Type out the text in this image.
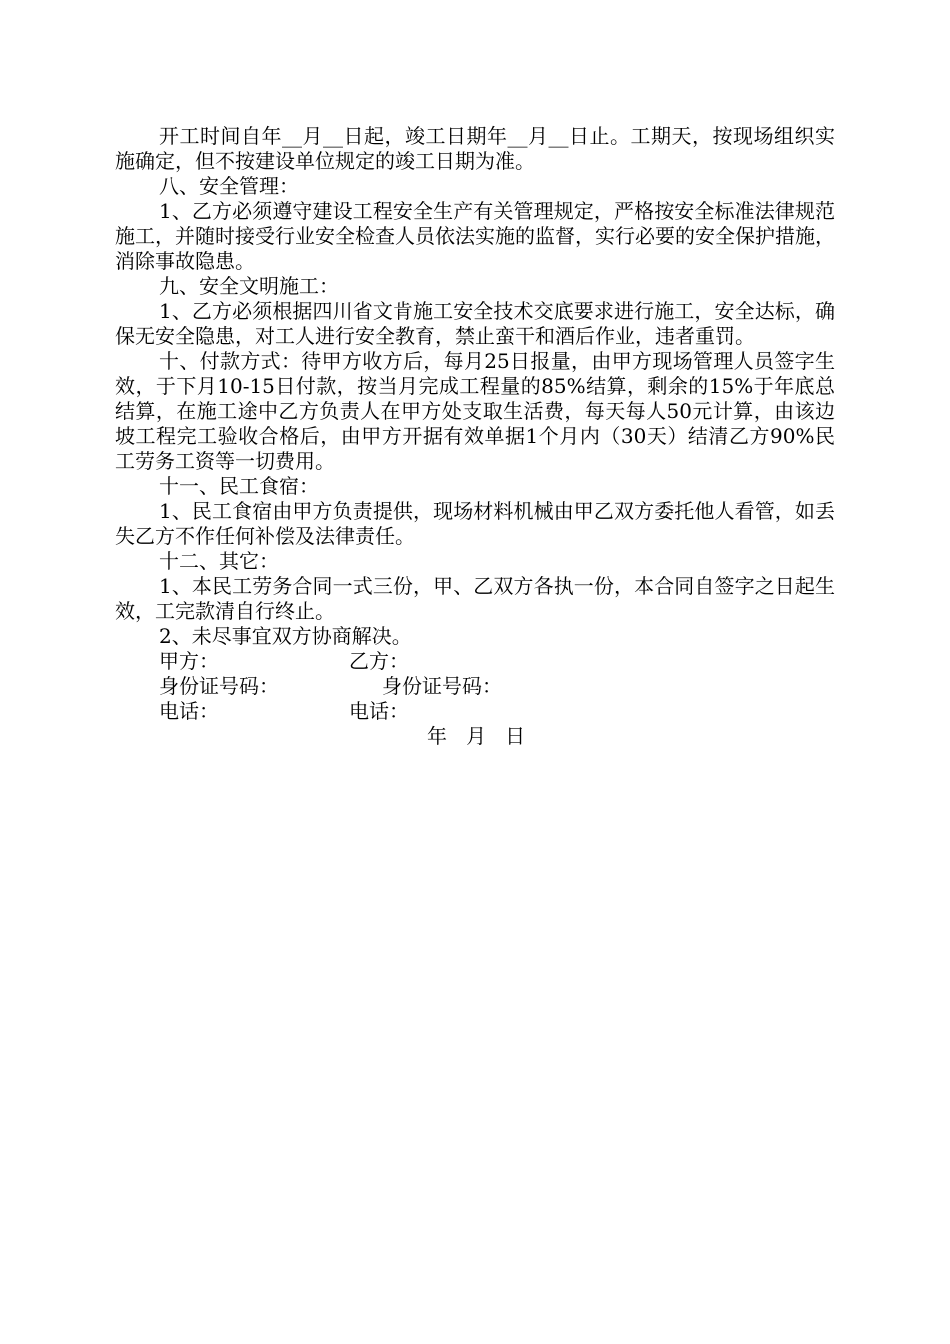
开工时间自年__月__日起，竣工日期年__月__日止。工期天，按现场组织实施确定，但不按建设单位规定的竣工日期为准。

八、安全管理：

1、乙方必须遵守建设工程安全生产有关管理规定，严格按安全标准法律规范施工，并随时接受行业安全检查人员依法实施的监督，实行必要的安全保护措施，消除事故隐患。

九、安全文明施工：

1、乙方必须根据四川省文肯施工安全技术交底要求进行施工，安全达标，确保无安全隐患，对工人进行安全教育，禁止蛮干和酒后作业，违者重罚。

十、付款方式：待甲方收方后，每月25日报量，由甲方现场管理人员签字生效，于下月10-15日付款，按当月完成工程量的85%结算，剩余的15%于年底总结算，在施工途中乙方负责人在甲方处支取生活费，每天每人50元计算，由该边坡工程完工验收合格后，由甲方开据有效单据1个月内（30天）结清乙方90%民工劳务工资等一切费用。

十一、民工食宿：

1、民工食宿由甲方负责提供，现场材料机械由甲乙双方委托他人看管，如丢失乙方不作任何补偿及法律责任。

十二、其它：

1、本民工劳务合同一式三份，甲、乙双方各执一份，本合同自签字之日起生效，工完款清自行终止。

2、未尽事宜双方协商解决。

甲方：	乙方：
身份证号码：	身份证号码：
电话：	电话：

年   月   日
